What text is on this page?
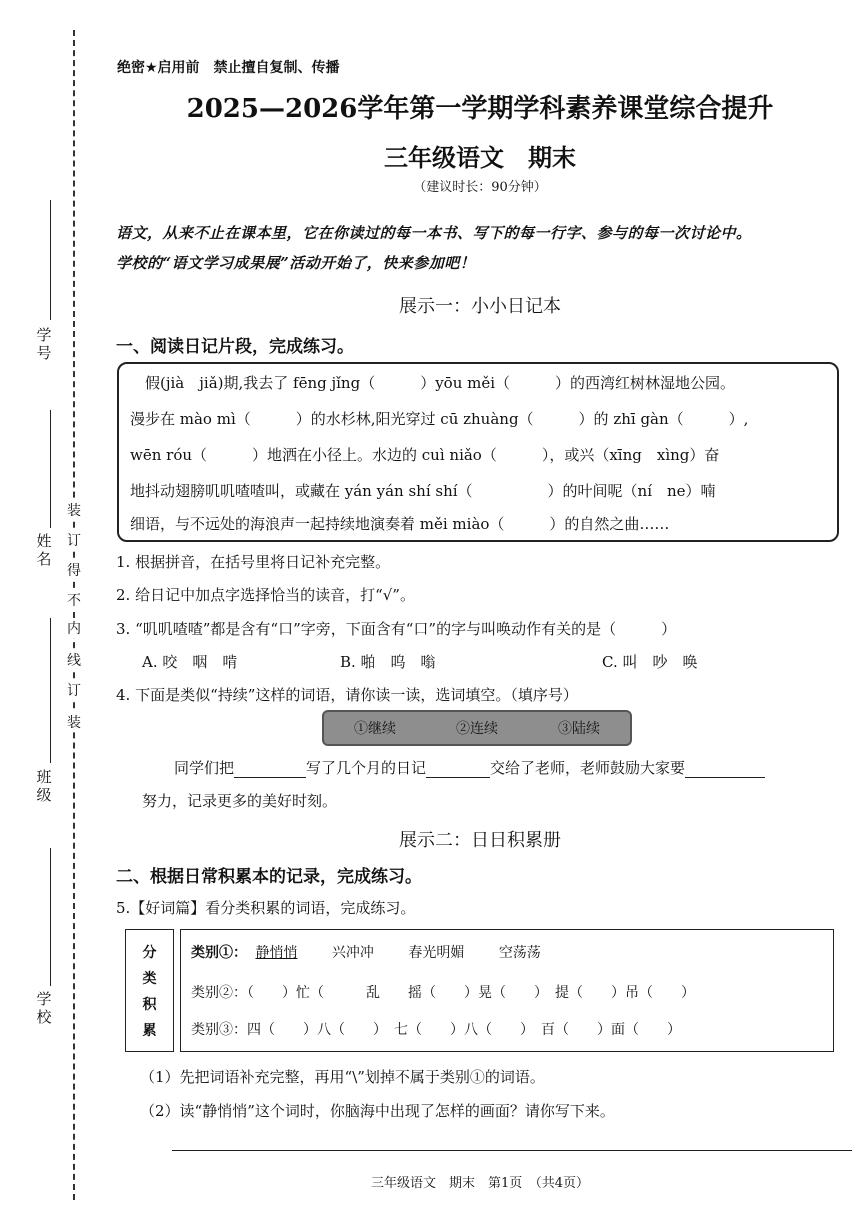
学号
姓名
班级
学校
装
订
得
不
内
线
订
装
绝密★启用前　禁止擅自复制、传播
2025—2026学年第一学期学科素养课堂综合提升
三年级语文　期末
（建议时长：90分钟）
语文，从来不止在课本里，它在你读过的每一本书、写下的每一行字、参与的每一次讨论中。
学校的“语文学习成果展”活动开始了，快来参加吧！
展示一：小小日记本
一、阅读日记片段，完成练习。
　假(jià　jiǎ)期,我去了 fēng jǐng（　　　）yōu měi（　　　）的西湾红树林湿地公园。
漫步在 mào mì（　　　）的水杉林,阳光穿过 cū zhuàng（　　　）的 zhī gàn（　　　）,
wēn róu（　　　）地洒在小径上。水边的 cuì niǎo（　　　），或兴（xīng　xìng）奋
地抖动翅膀叽叽喳喳叫，或藏在 yán yán shí shí（　　　　　）的叶间呢（ní　ne）喃
细语，与不远处的海浪声一起持续地演奏着 měi miào（　　　）的自然之曲……
1. 根据拼音，在括号里将日记补充完整。
2. 给日记中加点字选择恰当的读音，打“√”。
3. “叽叽喳喳”都是含有“口”字旁，下面含有“口”的字与叫唤动作有关的是（　　　）
A. 咬　咽　啃	B. 啪　呜　嗡	C. 叫　吵　唤
4. 下面是类似“持续”这样的词语，请你读一读，选词填空。（填序号）
①继续	②连续	③陆续
同学们把	写了几个月的日记	交给了老师，老师鼓励大家要
努力，记录更多的美好时刻。
展示二：日日积累册
二、根据日常积累本的记录，完成练习。
5.【好词篇】看分类积累的词语，完成练习。
分
类
积
累
类别①： 静悄悄 兴冲冲 春光明媚 空荡荡
类别②：（　　）忙（　　　乱　　摇（　　）晃（　　）　提（　　）吊（　　）
类别③：四（　　）八（　　）　七（　　）八（　　）　百（　　）面（　　）
（1）先把词语补充完整，再用“\”划掉不属于类别①的词语。
（2）读“静悄悄”这个词时，你脑海中出现了怎样的画面？请你写下来。
三年级语文　期末　第1页　（共4页）
